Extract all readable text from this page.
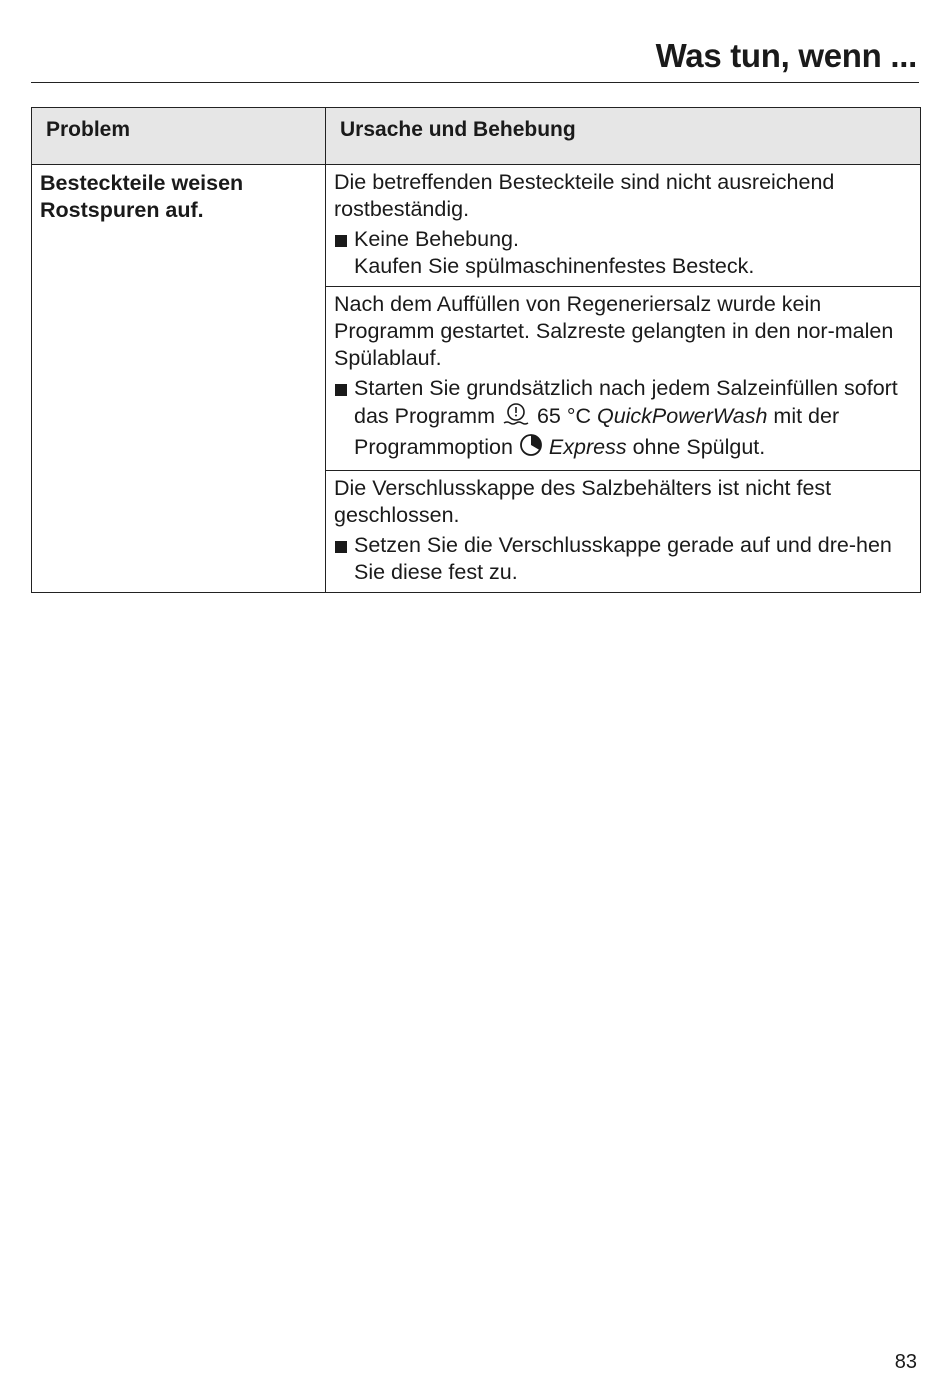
Was tun, wenn ...
Problem	Ursache und Behebung
Besteckteile weisen Rostspuren auf.	Die betreffenden Besteckteile sind nicht ausreichend rostbeständig.
Keine Behebung.
Kaufen Sie spülmaschinenfestes Besteck.

	Nach dem Auffüllen von Regeneriersalz wurde kein Programm gestartet. Salzreste gelangten in den nor-malen Spülablauf.
Starten Sie grundsätzlich nach jedem Salzeinfüllen sofort das Programm 65 °C QuickPowerWash mit der Programmoption Express ohne Spülgut.

	Die Verschlusskappe des Salzbehälters ist nicht fest geschlossen.
Setzen Sie die Verschlusskappe gerade auf und dre-hen Sie diese fest zu.
83
